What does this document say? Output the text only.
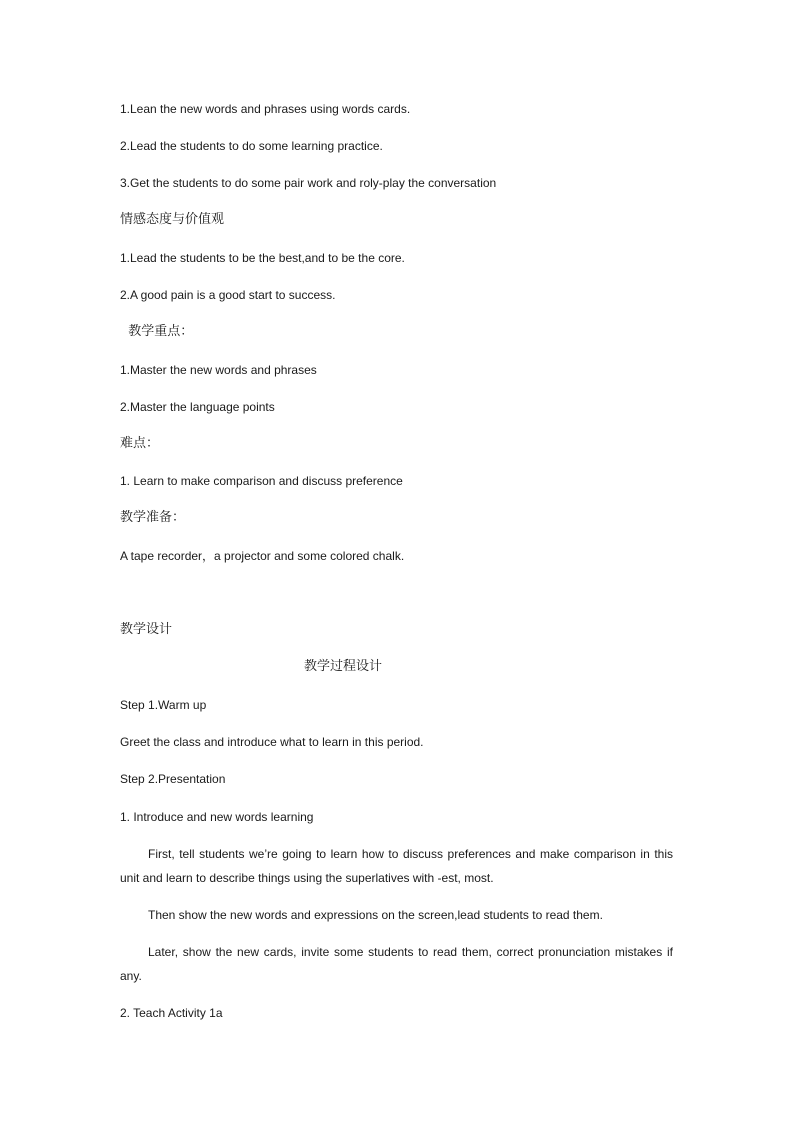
1.Lean the new words and phrases using words cards.
2.Lead the students to do some learning practice.
3.Get the students to do some pair work and roly-play the conversation
情感态度与价值观
1.Lead the students to be the best,and to be the core.
2.A good pain is a good start to success.
教学重点：
1.Master the new words and phrases
2.Master the language points
难点：
1. Learn to make comparison and discuss preference
教学准备：
A tape recorder，a projector and some colored chalk.
教学设计
教学过程设计
Step 1.Warm up
Greet the class and introduce what to learn in this period.
Step 2.Presentation
1. Introduce and new words learning
First, tell students we’re going to learn how to discuss preferences and make comparison in this unit and learn to describe things using the superlatives with -est, most.
Then show the new words and expressions on the screen,lead students to read them.
Later, show the new cards, invite some students to read them, correct pronunciation mistakes if any.
2. Teach Activity 1a
